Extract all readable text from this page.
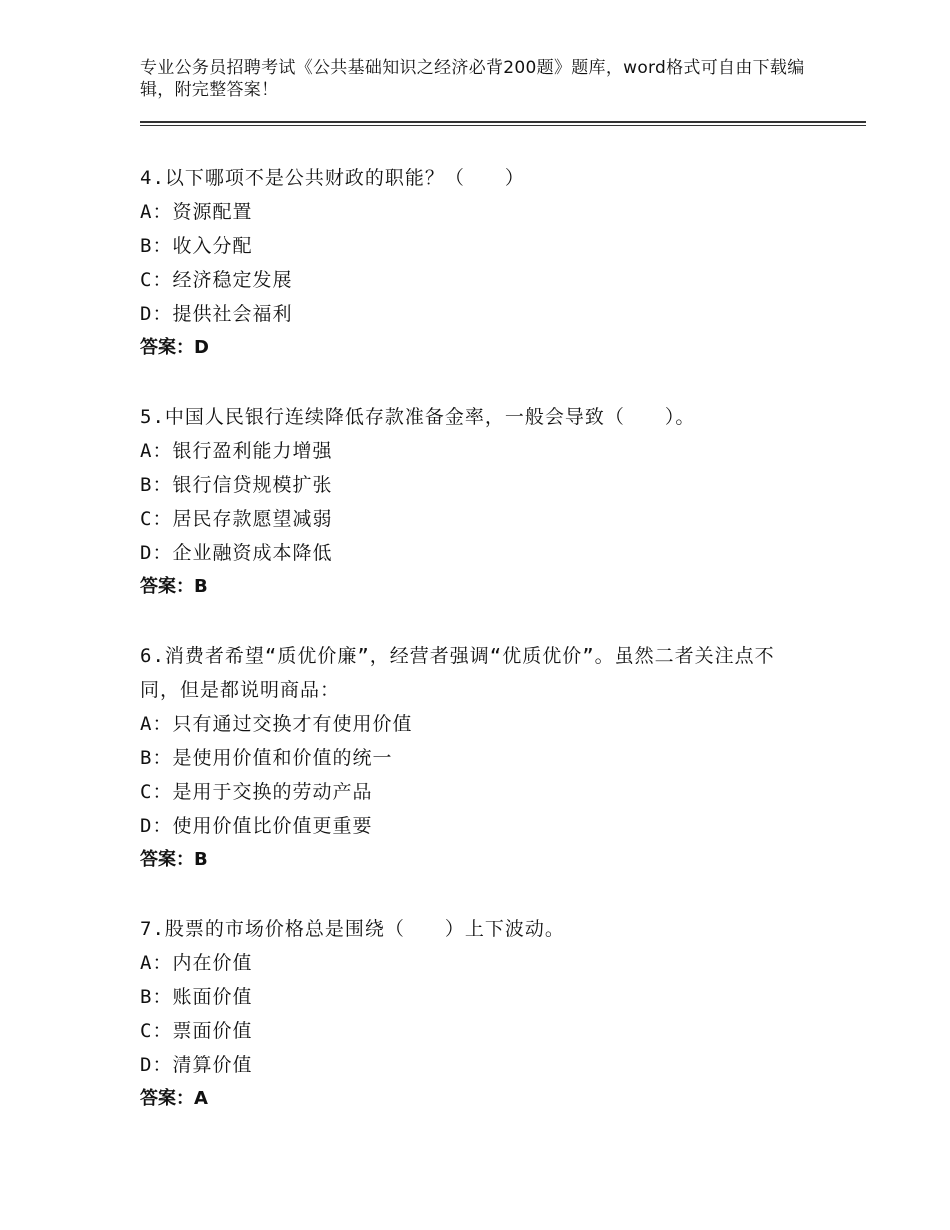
专业公务员招聘考试《公共基础知识之经济必背200题》题库，word格式可自由下载编辑，附完整答案！
4.以下哪项不是公共财政的职能？（　　）
A：资源配置
B：收入分配
C：经济稳定发展
D：提供社会福利
答案：D
5.中国人民银行连续降低存款准备金率，一般会导致（　　）。
A：银行盈利能力增强
B：银行信贷规模扩张
C：居民存款愿望减弱
D：企业融资成本降低
答案：B
6.消费者希望“质优价廉”，经营者强调“优质优价”。虽然二者关注点不同，但是都说明商品：
A：只有通过交换才有使用价值
B：是使用价值和价值的统一
C：是用于交换的劳动产品
D：使用价值比价值更重要
答案：B
7.股票的市场价格总是围绕（　　）上下波动。
A：内在价值
B：账面价值
C：票面价值
D：清算价值
答案：A
